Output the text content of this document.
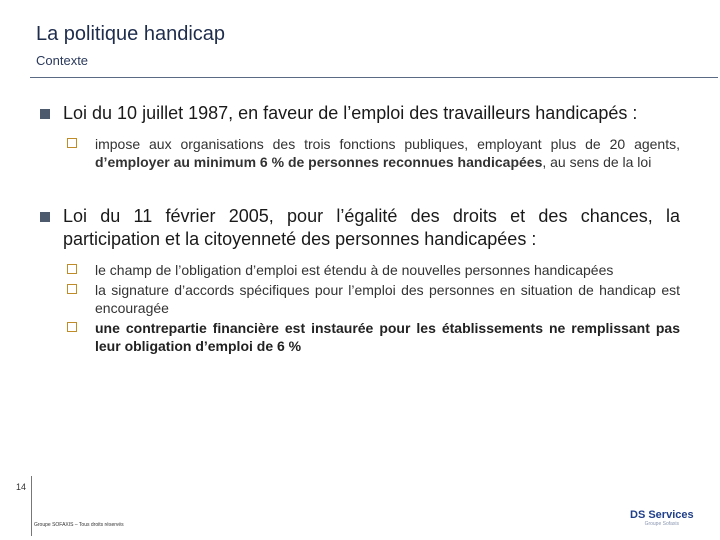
La politique handicap
Contexte
Loi du 10 juillet 1987, en faveur de l’emploi des travailleurs handicapés :
impose aux organisations des trois fonctions publiques, employant plus de 20 agents, d’employer au minimum 6 % de personnes reconnues handicapées, au sens de la loi
Loi du 11 février 2005, pour l’égalité des droits et des chances, la participation et la citoyenneté des personnes handicapées :
le champ de l’obligation d’emploi est étendu à de nouvelles personnes handicapées
la signature d’accords spécifiques pour l’emploi des personnes en situation de handicap est encouragée
une contrepartie financière est instaurée pour les établissements ne remplissant pas leur obligation d’emploi de 6 %
14
Groupe SOFAXIS – Tous droits réservés
DS Services
Groupe Sofaxis
